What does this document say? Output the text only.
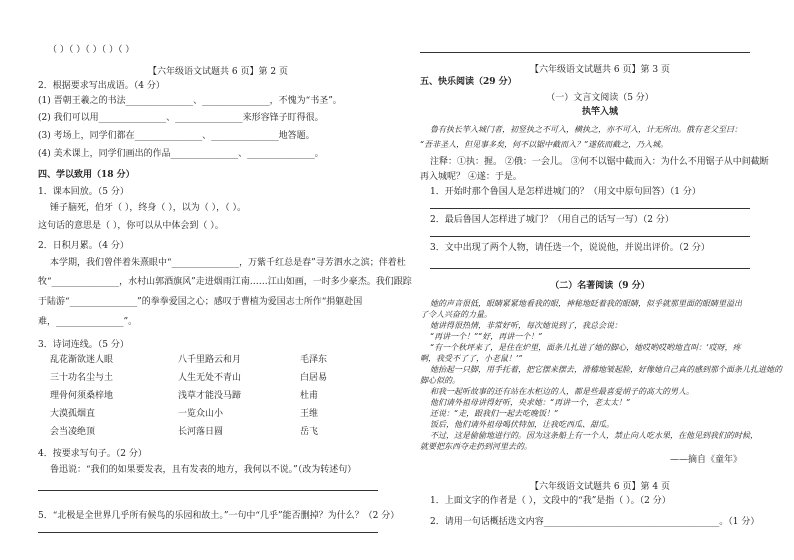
（ ）（ ）（ ）（ ）（ ）
【六年级语文试题共 6 页】第 2 页
2．根据要求写出成语。（4 分）
(1) 晋朝王羲之的书法_______________、_______________，不愧为“书圣”。
(2) 我们可以用_______________、_______________来形容锋子盯得很。
(3) 考场上，同学们都在_______________、_______________地答题。
(4) 美术课上，同学们画出的作品_______________、_______________。
四、学以致用（18 分）
1．课本回放。（5 分）
锤子脑死，伯牙（ ），终身（ ），以为（ ），（ ）。
这句话的意思是（ ），你可以从中体会到（ ）。
2．日积月累。（4 分）
本学期，我们曾伴着朱熹眼中“_______________，万紫千红总是春”寻芳泗水之滨；伴着杜
牧“_______________，水村山郭酒旗风”走进烟雨江南……江山如画，一时多少豪杰。我们跟踪
于陆游“_______________”的拳拳爱国之心；感叹于曹植为爱国志士所作“捐躯赴国
难，_______________”。
3．诗词连线。（5 分）
乱花渐欲迷人眼
三十功名尘与土
理骨何须桑梓地
大漠孤烟直
会当凌绝顶
八千里路云和月
人生无处不青山
浅草才能没马蹄
一览众山小
长河落日圆
毛泽东
白居易
杜甫
王维
岳飞
4．按要求写句子。（2 分）
鲁迅说：“我们的如果要发表，且有发表的地方，我何以不说。”（改为转述句）
5．“北极是全世界几乎所有候鸟的乐园和故土。”一句中“几乎”能否删掉？为什么？（2 分）
【六年级语文试题共 6 页】第 3 页
五、快乐阅读（29 分）
（一）文言文阅读（5 分）
执竿入城
鲁有执长竿入城门者，初竖执之不可入，横执之，亦不可入，计无所出。俄有老父至曰：
“吾非圣人，但见事多矣，何不以锯中截而入？”遂依而截之，乃入城。
注释：①执：握。 ②俄：一会儿。 ③何不以锯中截而入：为什么不用锯子从中间截断
再入城呢？ ④遂：于是。
1．开始时那个鲁国人是怎样进城门的？（用文中原句回答）（1 分）
2．最后鲁国人怎样进了城门？（用自己的话写一写）（2 分）
3．文中出现了两个人物，请任选一个，说说他，并说出评价。（2 分）
（二）名著阅读（9 分）
她的声音很低，眼睛紧紧地看我的眼，神秘地眨着我的眼睛，似乎就那里面的眼睛里溢出
了令人兴奋的力量。
她讲得很热情，非常好听，每次她说到了，我总会说：
“再讲一个！”“好，再讲一个！”
“有一个秋坪来了，是住在炉里，面条儿扎进了她的脚心，她哎哟哎哟地直叫：‘哎呀，疼
啊，我受不了了，小老鼠！’”
她抬起一只脚，用手托着，把它摆来摆去，滑稽地皱起脸，好像她自己真的感到那个面条儿扎进她的
脚心似的。
和我一起听故事的还有站在水柜边的人，都是些最喜爱胡子的高大的男人。
他们请外祖母讲得好听，央求她：“再讲一个，老太太！”
还说：“走，跟我们一起去吃晚饭！”
饭后，他们请外祖母喝伏特加，让我吃西瓜、甜瓜。
不过，这是偷偷地进行的。因为这条船上有一个人，禁止向人吃水果，在他见到我们的时候，
就要把东西夺走扔到河里去的。
——摘自《童年》
【六年级语文试题共 6 页】第 4 页
1．上面文字的作者是（ ），文段中的“我”是指（ ）。（2 分）
2．请用一句话概括选文内容_______________________________________。（1 分）
